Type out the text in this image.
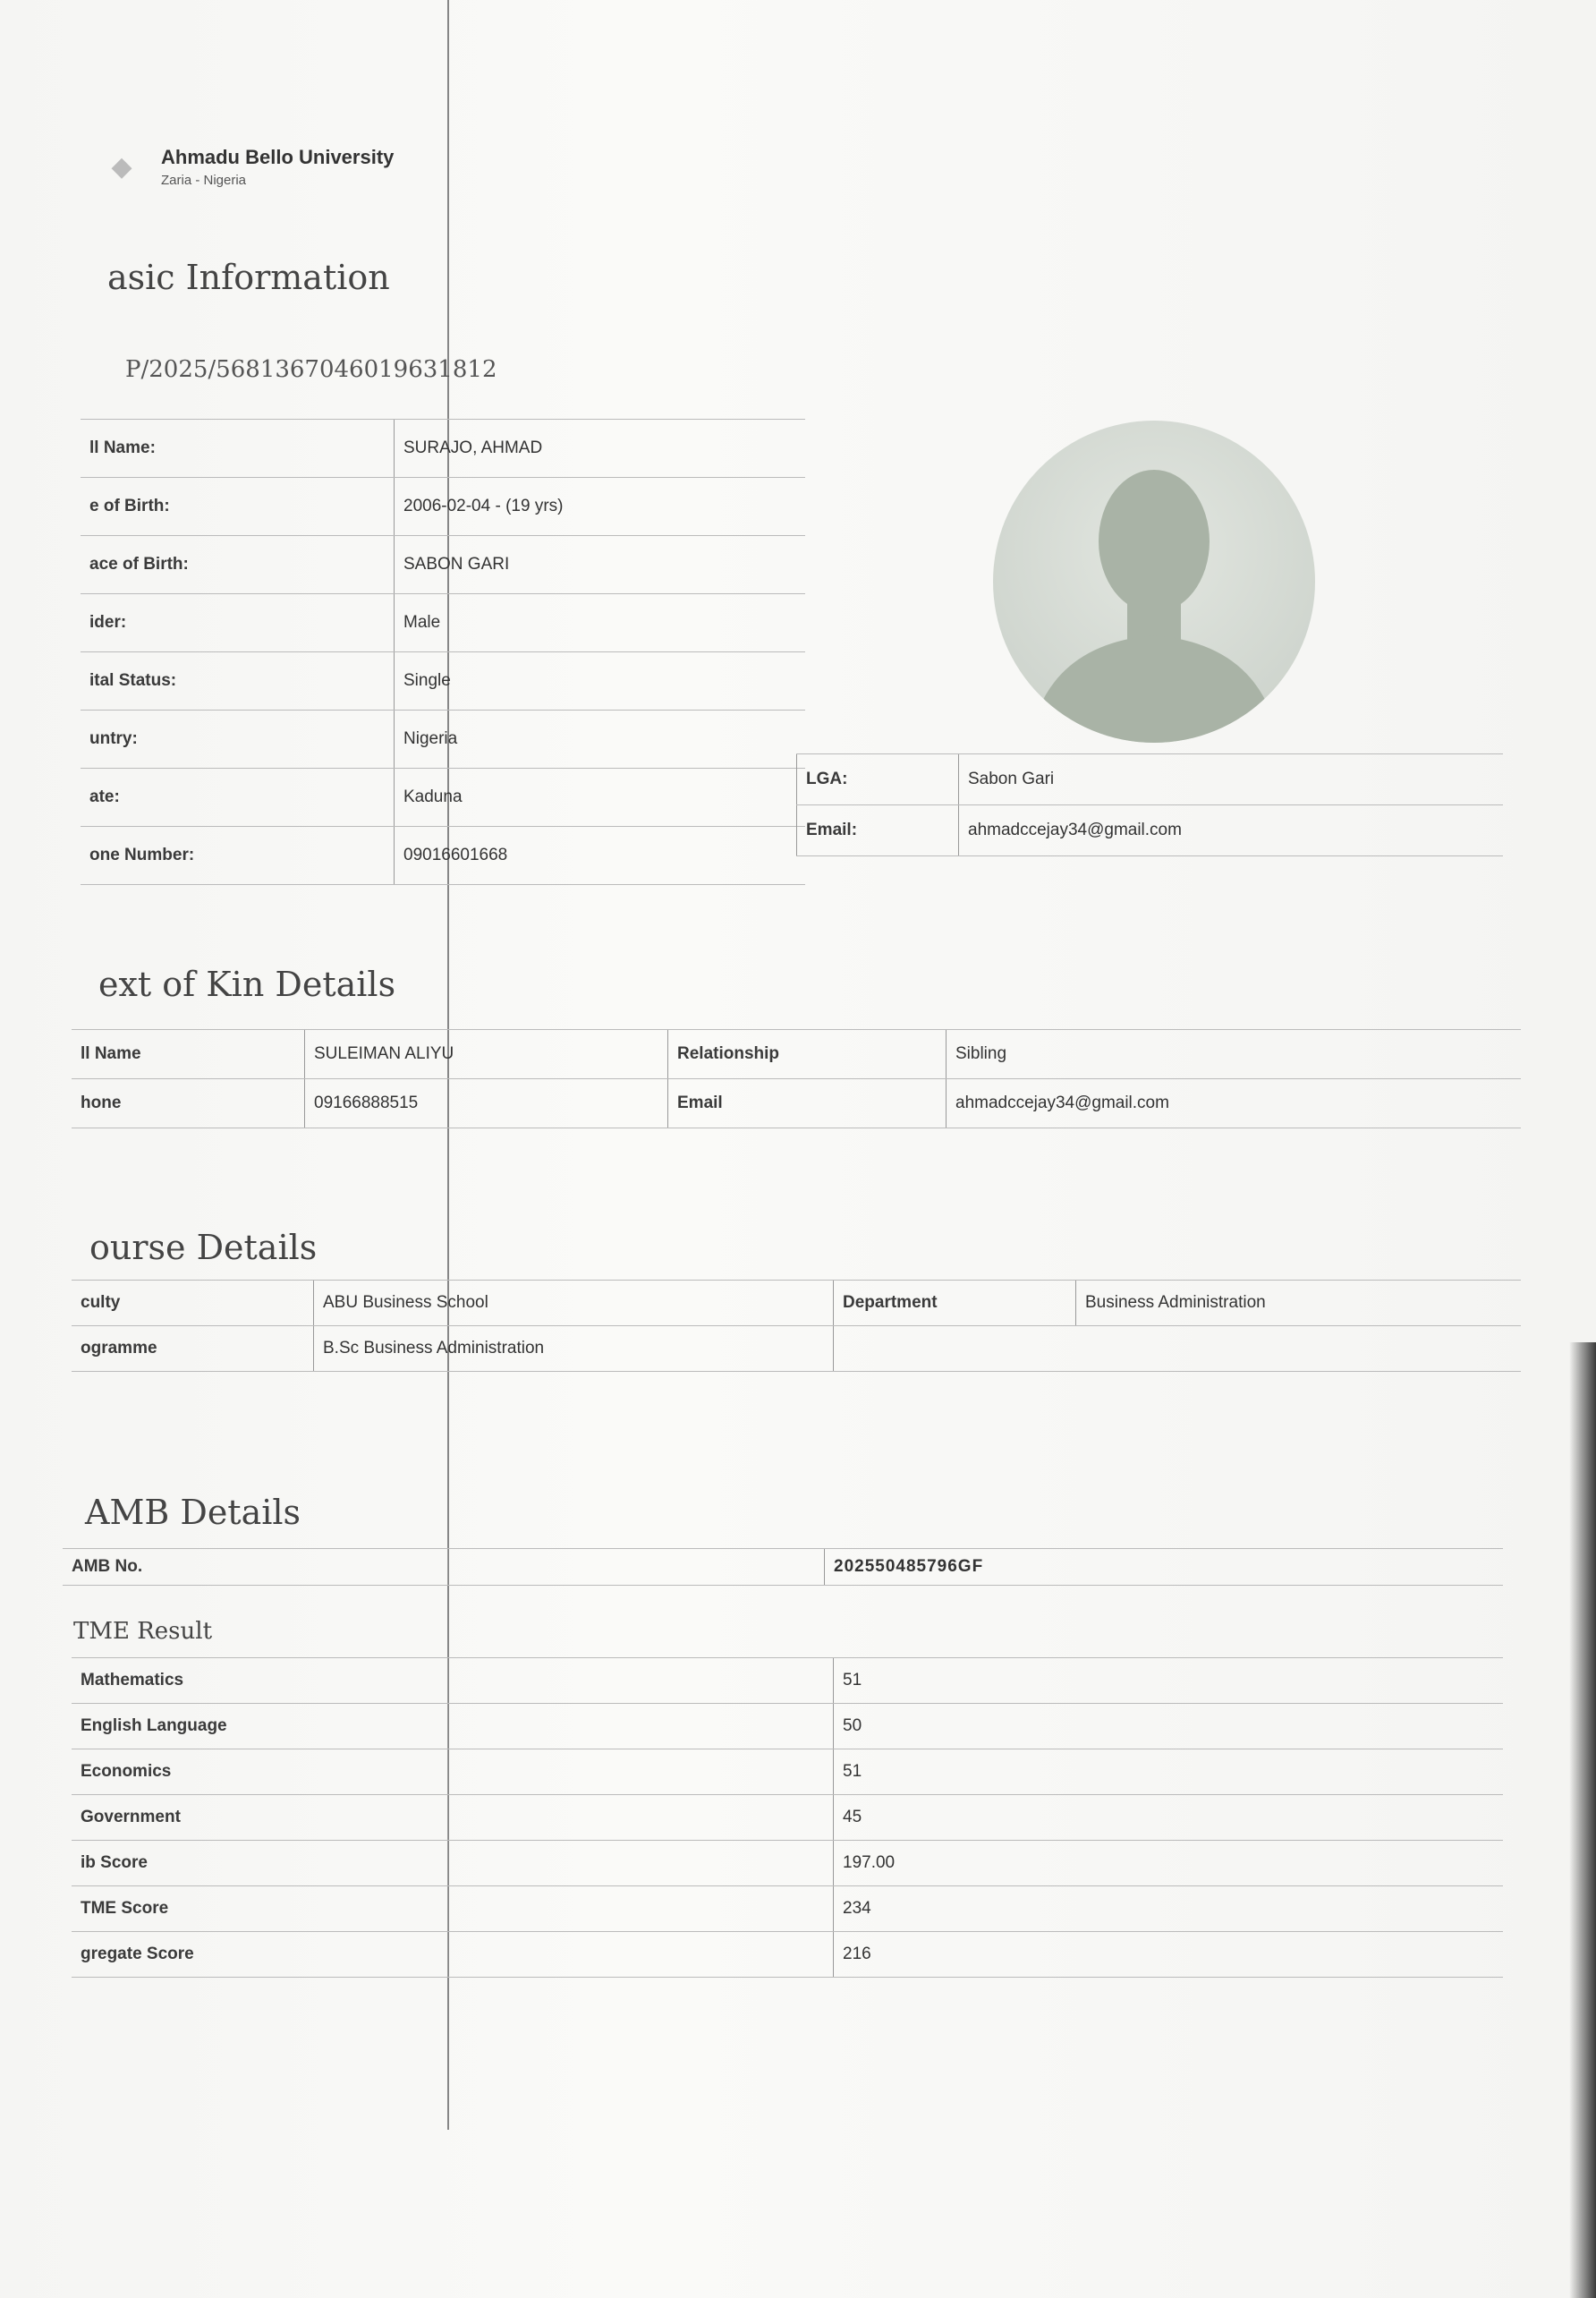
◆	Ahmadu Bello University
Zaria - Nigeria
asic Information
P/2025/56813670460196318​12
ll Name:	SURAJO, AHMAD
e of Birth:	2006-02-04 - (19 yrs)
ace of Birth:	SABON GARI
ider:	Male
ital Status:	Single
untry:	Nigeria
ate:	Kaduna
one Number:	09016601668
LGA:	Sabon Gari
Email:	ahmadccejay34@gmail.com
ext of Kin Details
ll Name	SULEIMAN ALIYU	Relationship	Sibling
hone	09166888515	Email	ahmadccejay34@gmail.com
ourse Details
culty	ABU Business School	Department	Business Administration
ogramme	B.Sc Business Administration		
AMB Details
AMB No.		202550485796GF
TME Result
Mathematics		51
English Language		50
Economics		51
Government		45
ib Score		197.00
TME Score		234
gregate Score		216
